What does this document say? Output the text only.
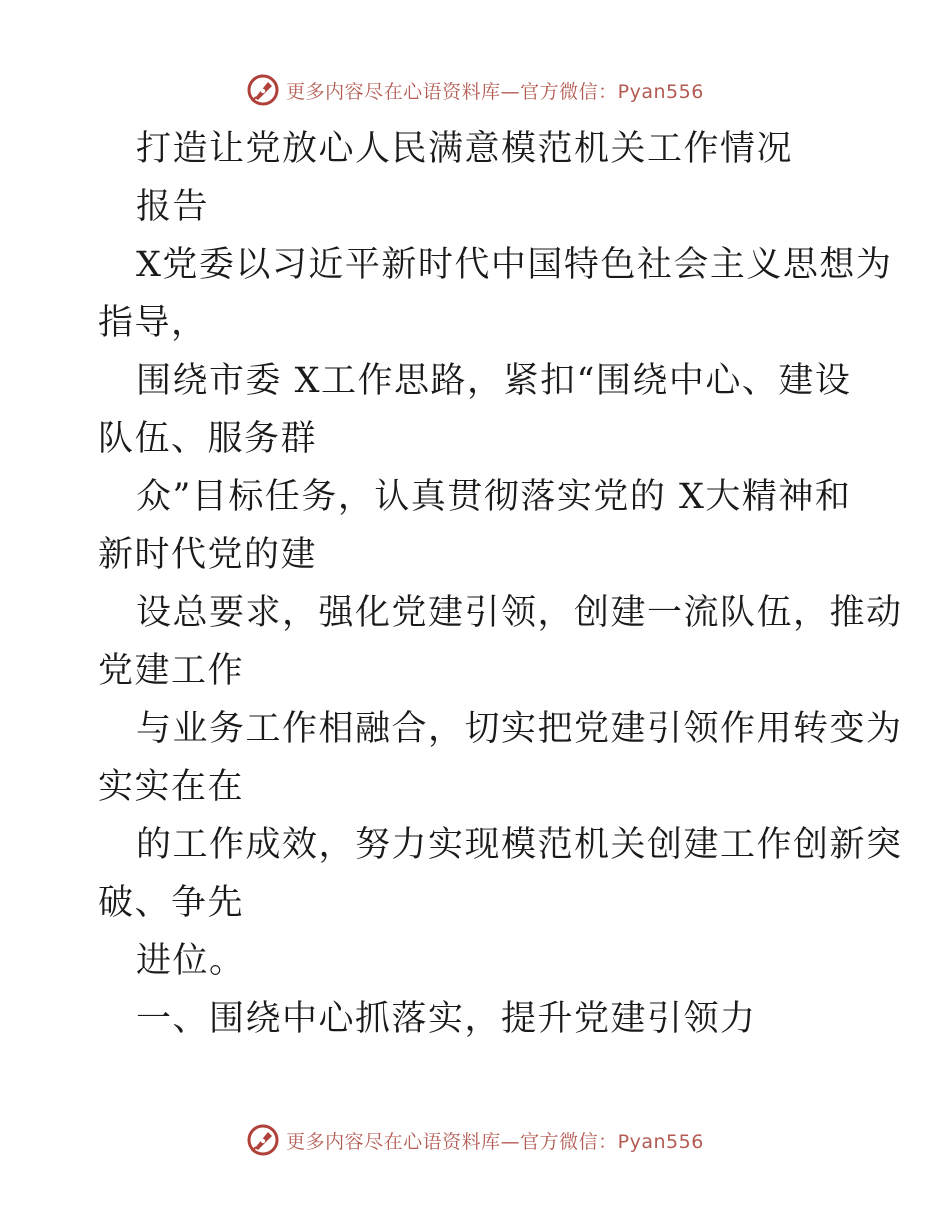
更多内容尽在心语资料库—官方微信：Pyan556
打造让党放心人民满意模范机关工作情况
报告
X党委以习近平新时代中国特色社会主义思想为
指导，
围绕市委 X工作思路，紧扣“围绕中心、建设
队伍、服务群
众”目标任务，认真贯彻落实党的 X大精神和
新时代党的建
设总要求，强化党建引领，创建一流队伍，推动
党建工作
与业务工作相融合，切实把党建引领作用转变为
实实在在
的工作成效，努力实现模范机关创建工作创新突
破、争先
进位。
一、围绕中心抓落实，提升党建引领力
更多内容尽在心语资料库—官方微信：Pyan556
